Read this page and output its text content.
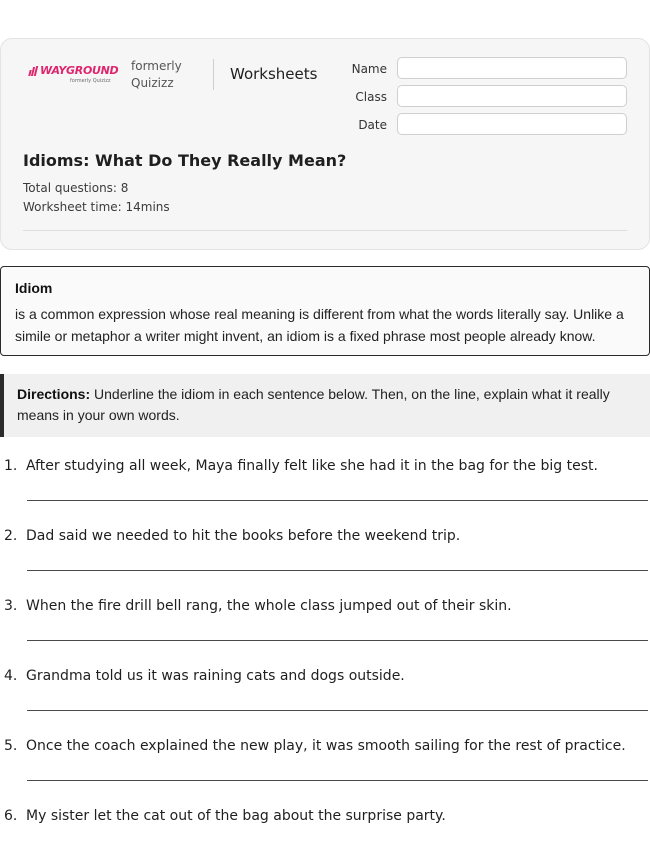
WAYGROUND
formerly Quizizz
formerly Quizizz	Worksheets	Name
Class
Date
Idioms: What Do They Really Mean?
Total questions: 8
Worksheet time: 14mins
Idiom
is a common expression whose real meaning is different from what the words literally say. Unlike a simile or metaphor a writer might invent, an idiom is a fixed phrase most people already know.
Directions: Underline the idiom in each sentence below. Then, on the line, explain what it really means in your own words.
1. After studying all week, Maya finally felt like she had it in the bag for the big test.
2. Dad said we needed to hit the books before the weekend trip.
3. When the fire drill bell rang, the whole class jumped out of their skin.
4. Grandma told us it was raining cats and dogs outside.
5. Once the coach explained the new play, it was smooth sailing for the rest of practice.
6. My sister let the cat out of the bag about the surprise party.
